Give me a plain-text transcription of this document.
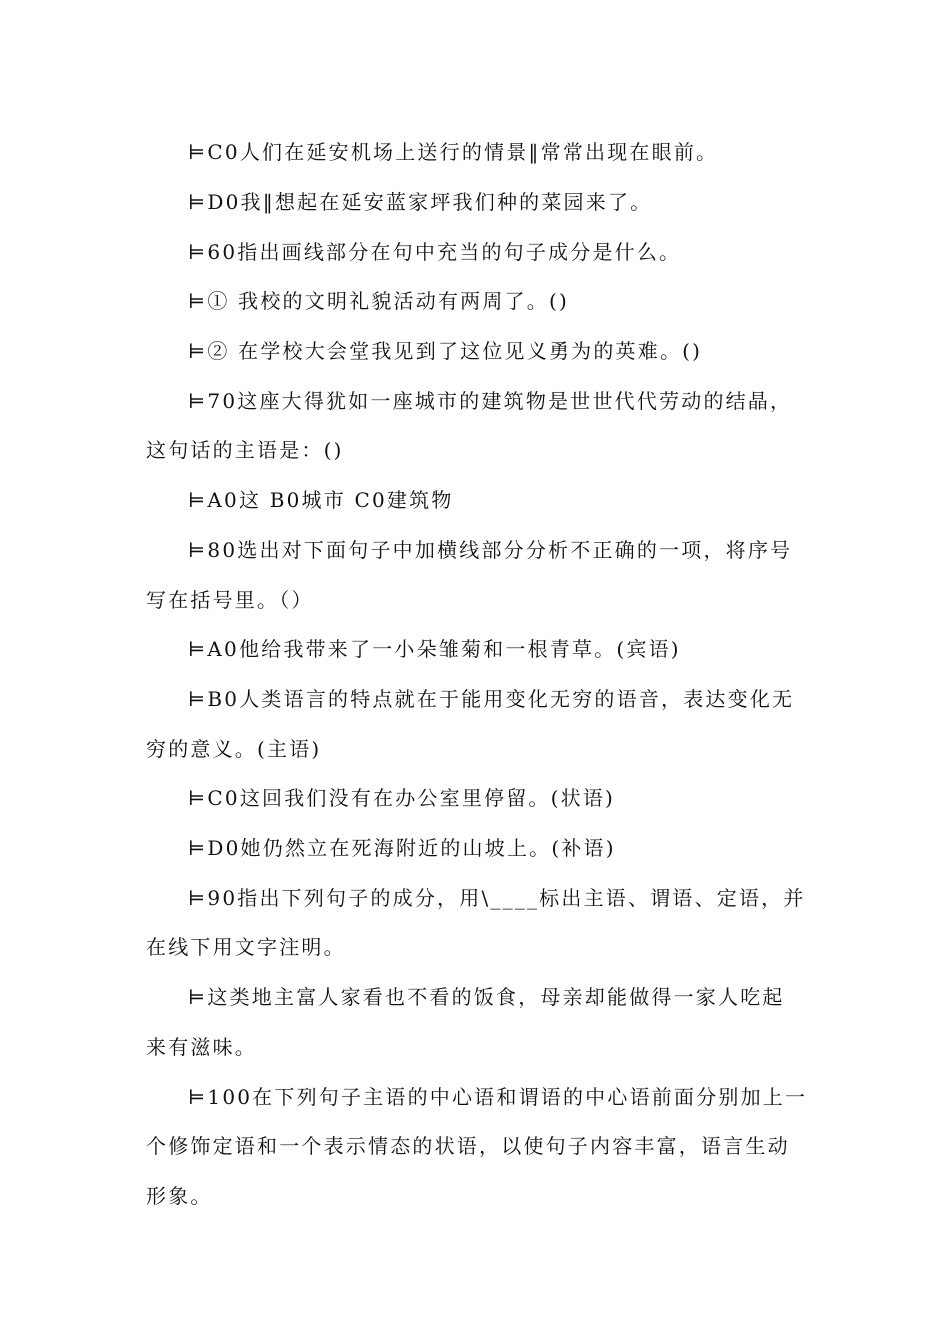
⊨C0人们在延安机场上送行的情景‖常常出现在眼前。

⊨D0我‖想起在延安蓝家坪我们种的菜园来了。

⊨60指出画线部分在句中充当的句子成分是什么。

⊨① 我校的文明礼貌活动有两周了。()

⊨② 在学校大会堂我见到了这位见义勇为的英难。()

⊨70这座大得犹如一座城市的建筑物是世世代代劳动的结晶，

这句话的主语是：()

⊨A0这 B0城市 C0建筑物

⊨80选出对下面句子中加横线部分分析不正确的一项，将序号

写在括号里。（）

⊨A0他给我带来了一小朵雏菊和一根青草。(宾语)

⊨B0人类语言的特点就在于能用变化无穷的语音，表达变化无

穷的意义。(主语)

⊨C0这回我们没有在办公室里停留。(状语)

⊨D0她仍然立在死海附近的山坡上。(补语)

⊨90指出下列句子的成分，用\____标出主语、谓语、定语，并

在线下用文字注明。

⊨这类地主富人家看也不看的饭食，母亲却能做得一家人吃起

来有滋味。

⊨100在下列句子主语的中心语和谓语的中心语前面分别加上一

个修饰定语和一个表示情态的状语，以使句子内容丰富，语言生动

形象。
